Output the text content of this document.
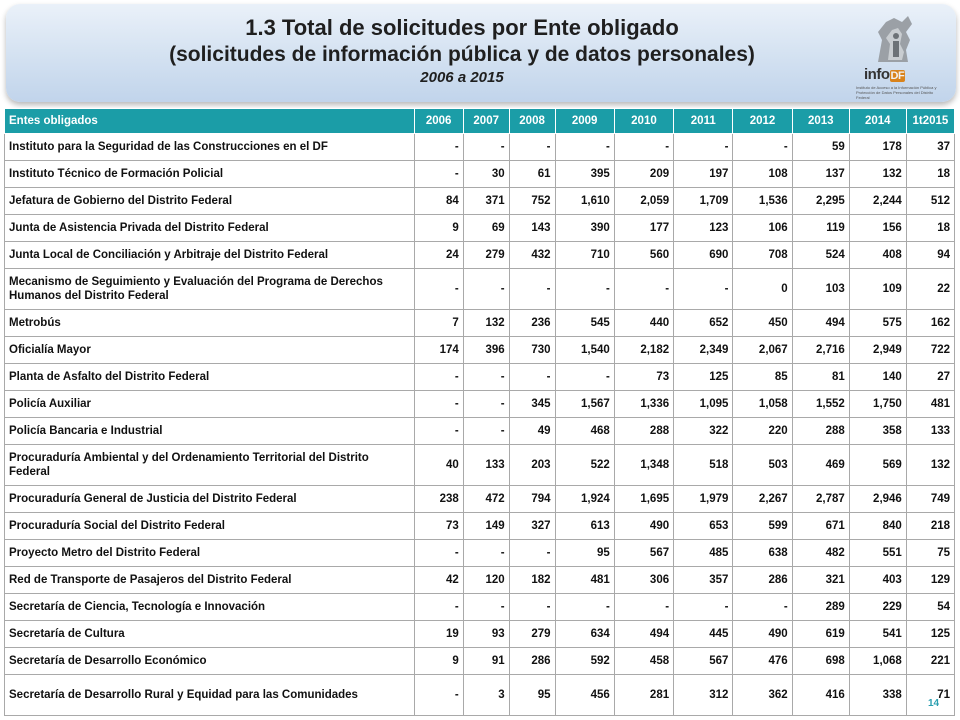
1.3 Total de solicitudes por Ente obligado
(solicitudes de información pública y de datos personales)
2006 a 2015	infoDF
Instituto de Acceso a la Información Pública y Protección de Datos Personales del Distrito Federal
Entes obligados	2006	2007	2008	2009	2010	2011	2012	2013	2014	1t2015
Instituto para la Seguridad de las Construcciones en el DF	-	-	-	-	-	-	-	59	178	37
Instituto Técnico de Formación Policial	-	30	61	395	209	197	108	137	132	18
Jefatura de Gobierno del Distrito Federal	84	371	752	1,610	2,059	1,709	1,536	2,295	2,244	512
Junta de Asistencia Privada del Distrito Federal	9	69	143	390	177	123	106	119	156	18
Junta Local de Conciliación y Arbitraje del Distrito Federal	24	279	432	710	560	690	708	524	408	94
Mecanismo de Seguimiento y Evaluación del Programa de Derechos Humanos del Distrito Federal	-	-	-	-	-	-	0	103	109	22
Metrobús	7	132	236	545	440	652	450	494	575	162
Oficialía Mayor	174	396	730	1,540	2,182	2,349	2,067	2,716	2,949	722
Planta de Asfalto del Distrito Federal	-	-	-	-	73	125	85	81	140	27
Policía Auxiliar	-	-	345	1,567	1,336	1,095	1,058	1,552	1,750	481
Policía Bancaria e Industrial	-	-	49	468	288	322	220	288	358	133
Procuraduría Ambiental y del Ordenamiento Territorial del Distrito Federal	40	133	203	522	1,348	518	503	469	569	132
Procuraduría General de Justicia del Distrito Federal	238	472	794	1,924	1,695	1,979	2,267	2,787	2,946	749
Procuraduría Social del Distrito Federal	73	149	327	613	490	653	599	671	840	218
Proyecto Metro del Distrito Federal	-	-	-	95	567	485	638	482	551	75
Red de Transporte de Pasajeros del Distrito Federal	42	120	182	481	306	357	286	321	403	129
Secretaría de Ciencia, Tecnología e Innovación	-	-	-	-	-	-	-	289	229	54
Secretaría de Cultura	19	93	279	634	494	445	490	619	541	125
Secretaría de Desarrollo Económico	9	91	286	592	458	567	476	698	1,068	221
Secretaría de Desarrollo Rural y Equidad para las Comunidades	-	3	95	456	281	312	362	416	338	71
14
